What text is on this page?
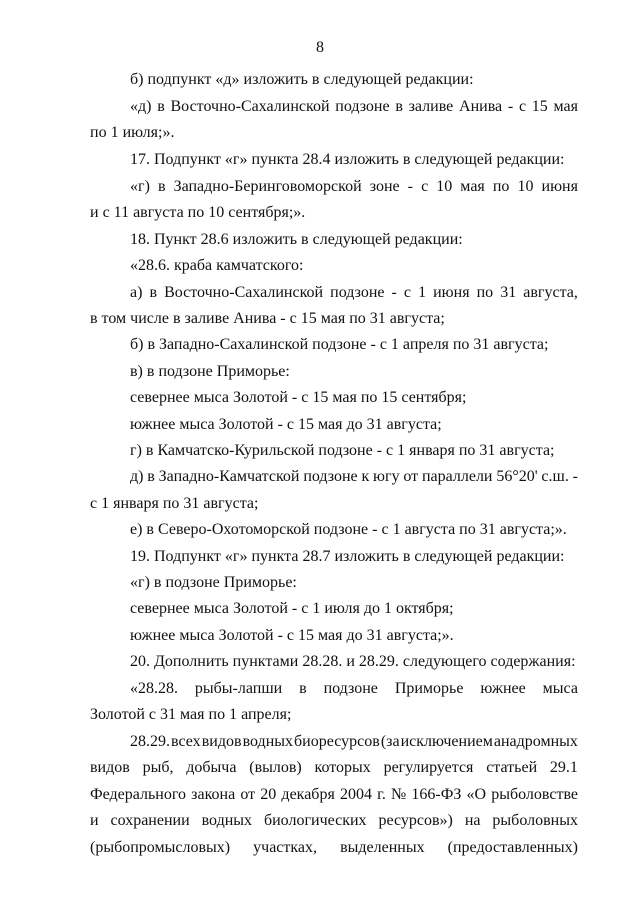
8

б) подпункт «д» изложить в следующей редакции:

«д) в Восточно-Сахалинской подзоне в заливе Анива - с 15 мая

по 1 июля;».

17. Подпункт «г» пункта 28.4 изложить в следующей редакции:

«г) в Западно-Беринговоморской зоне - с 10 мая по 10 июня

и с 11 августа по 10 сентября;».

18. Пункт 28.6 изложить в следующей редакции:

«28.6. краба камчатского:

а) в Восточно-Сахалинской подзоне - с 1 июня по 31 августа,

в том числе в заливе Анива - с 15 мая по 31 августа;

б) в Западно-Сахалинской подзоне - с 1 апреля по 31 августа;

в) в подзоне Приморье:

севернее мыса Золотой - с 15 мая по 15 сентября;

южнее мыса Золотой - с 15 мая до 31 августа;

г) в Камчатско-Курильской подзоне - с 1 января по 31 августа;

д) в Западно-Камчатской подзоне к югу от параллели 56°20' с.ш. -

с 1 января по 31 августа;

е) в Северо-Охотоморской подзоне - с 1 августа по 31 августа;».

19. Подпункт «г» пункта 28.7 изложить в следующей редакции:

«г) в подзоне Приморье:

севернее мыса Золотой - с 1 июля до 1 октября;

южнее мыса Золотой - с 15 мая до 31 августа;».

20. Дополнить пунктами 28.28. и 28.29. следующего содержания:

«28.28. рыбы-лапши в подзоне Приморье южнее мыса

Золотой с 31 мая по 1 апреля;

28.29. всех видов водных биоресурсов (за исключением анадромных

видов рыб, добыча (вылов) которых регулируется статьей 29.1

Федерального закона от 20 декабря 2004 г. № 166-ФЗ «О рыболовстве

и сохранении водных биологических ресурсов») на рыболовных

(рыбопромысловых) участках, выделенных (предоставленных)
